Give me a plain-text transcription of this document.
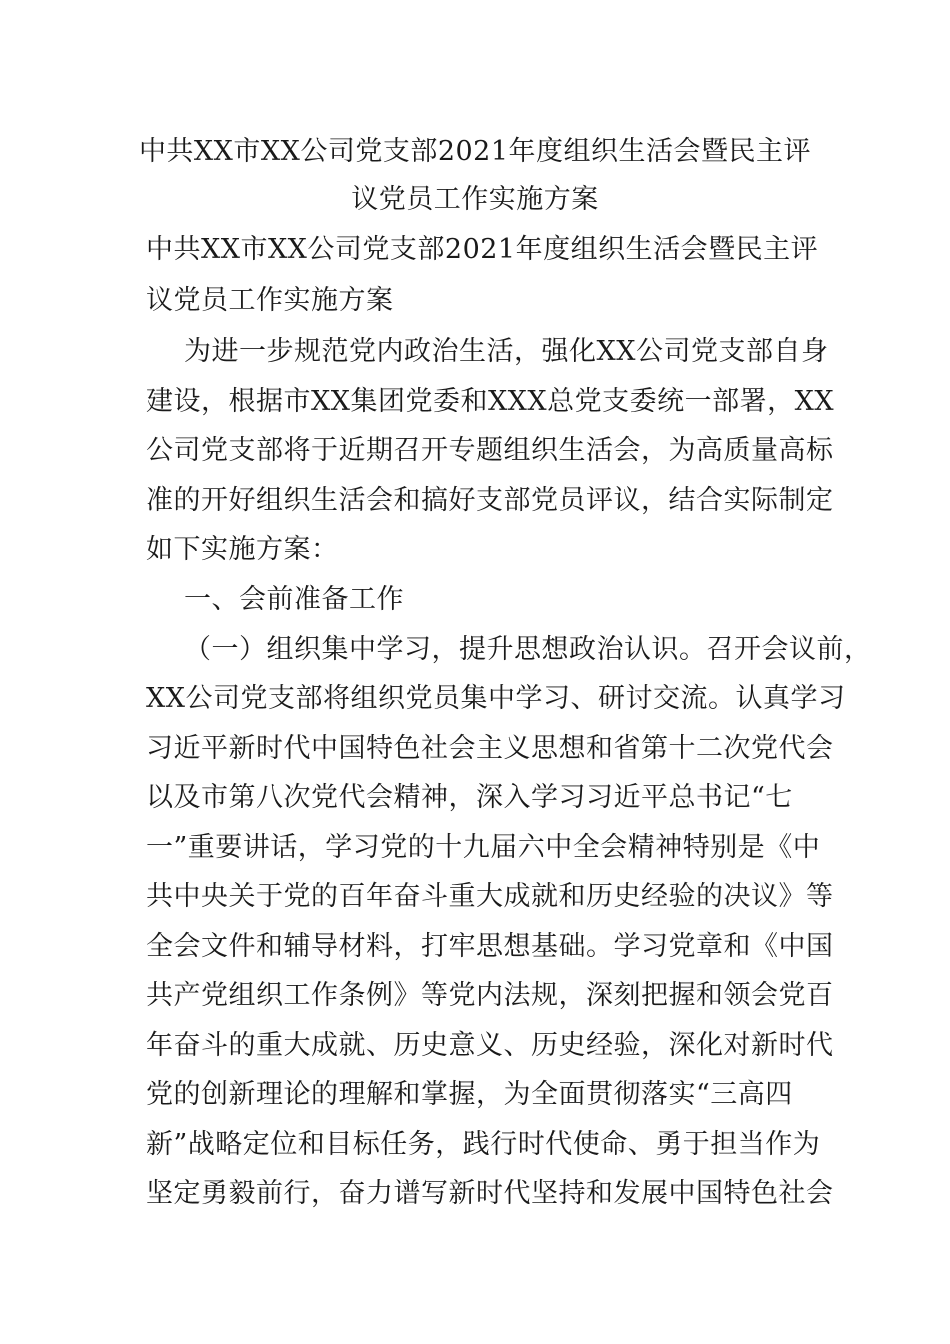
中共XX市XX公司党支部2021年度组织生活会暨民主评
议党员工作实施方案
中共XX市XX公司党支部2021年度组织生活会暨民主评
议党员工作实施方案
为进一步规范党内政治生活，强化XX公司党支部自身
建设，根据市XX集团党委和XXX总党支委统一部署，XX
公司党支部将于近期召开专题组织生活会，为高质量高标
准的开好组织生活会和搞好支部党员评议，结合实际制定
如下实施方案：
一、会前准备工作
（一）组织集中学习，提升思想政治认识。召开会议前，
XX公司党支部将组织党员集中学习、研讨交流。认真学习
习近平新时代中国特色社会主义思想和省第十二次党代会
以及市第八次党代会精神，深入学习习近平总书记“七
一”重要讲话，学习党的十九届六中全会精神特别是《中
共中央关于党的百年奋斗重大成就和历史经验的决议》等
全会文件和辅导材料，打牢思想基础。学习党章和《中国
共产党组织工作条例》等党内法规，深刻把握和领会党百
年奋斗的重大成就、历史意义、历史经验，深化对新时代
党的创新理论的理解和掌握，为全面贯彻落实“三高四
新”战略定位和目标任务，践行时代使命、勇于担当作为
坚定勇毅前行，奋力谱写新时代坚持和发展中国特色社会
